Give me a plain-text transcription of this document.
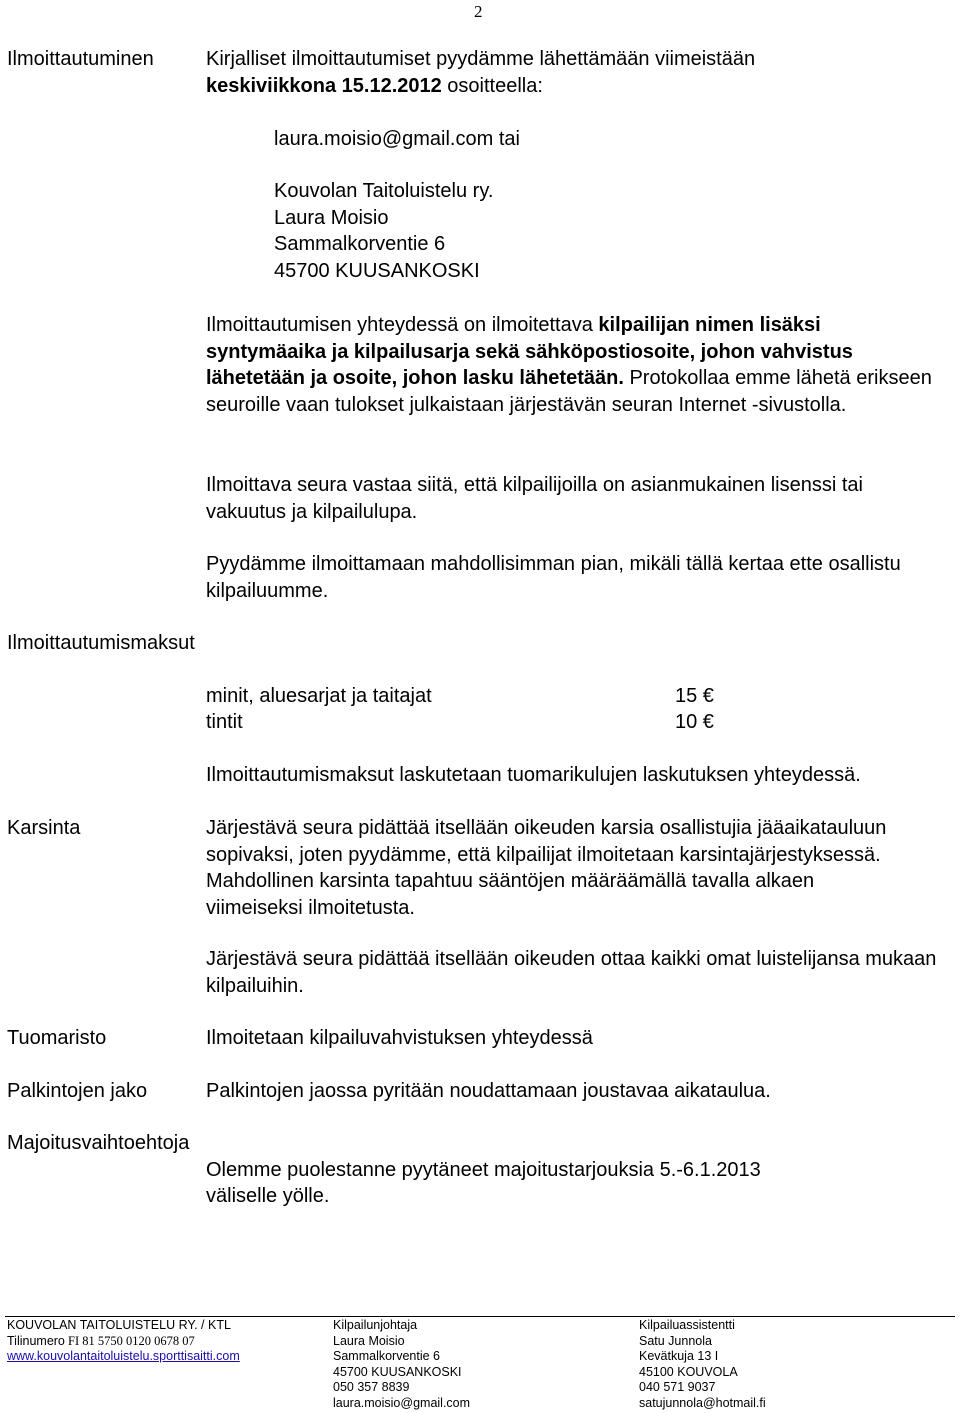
2
Ilmoittautuminen	Kirjalliset ilmoittautumiset pyydämme lähettämään viimeistään
keskiviikkona 15.12.2012 osoitteella:
laura.moisio@gmail.com tai
Kouvolan Taitoluistelu ry.
Laura Moisio
Sammalkorventie 6
45700 KUUSANKOSKI
Ilmoittautumisen yhteydessä on ilmoitettava kilpailijan nimen lisäksi syntymäaika ja kilpailusarja sekä sähköpostiosoite, johon vahvistus lähetetään ja osoite, johon lasku lähetetään. Protokollaa emme lähetä erikseen seuroille vaan tulokset julkaistaan järjestävän seuran Internet -sivustolla.
Ilmoittava seura vastaa siitä, että kilpailijoilla on asianmukainen lisenssi tai vakuutus ja kilpailulupa.
Pyydämme ilmoittamaan mahdollisimman pian, mikäli tällä kertaa ette osallistu kilpailuumme.
Ilmoittautumismaksut
minit, aluesarjat ja taitajat	15 €
tintit	10 €
Ilmoittautumismaksut laskutetaan tuomarikulujen laskutuksen yhteydessä.
Karsinta	Järjestävä seura pidättää itsellään oikeuden karsia osallistujia jääaikatauluun sopivaksi, joten pyydämme, että kilpailijat ilmoitetaan karsintajärjestyksessä. Mahdollinen karsinta tapahtuu sääntöjen määräämällä tavalla alkaen viimeiseksi ilmoitetusta.
Järjestävä seura pidättää itsellään oikeuden ottaa kaikki omat luistelijansa mukaan kilpailuihin.
Tuomaristo	Ilmoitetaan kilpailuvahvistuksen yhteydessä
Palkintojen jako	Palkintojen jaossa pyritään noudattamaan joustavaa aikataulua.
Majoitusvaihtoehtoja
Olemme puolestanne pyytäneet majoitustarjouksia 5.-6.1.2013
väliselle yölle.
KOUVOLAN TAITOLUISTELU RY. / KTL
Tilinumero FI 81 5750 0120 0678 07
www.kouvolantaitoluistelu.sporttisaitti.com
Kilpailunjohtaja
Laura Moisio
Sammalkorventie 6
45700 KUUSANKOSKI
050 357 8839
laura.moisio@gmail.com
Kilpailuassistentti
Satu Junnola
Kevätkuja 13 I
45100 KOUVOLA
040 571 9037
satujunnola@hotmail.fi
